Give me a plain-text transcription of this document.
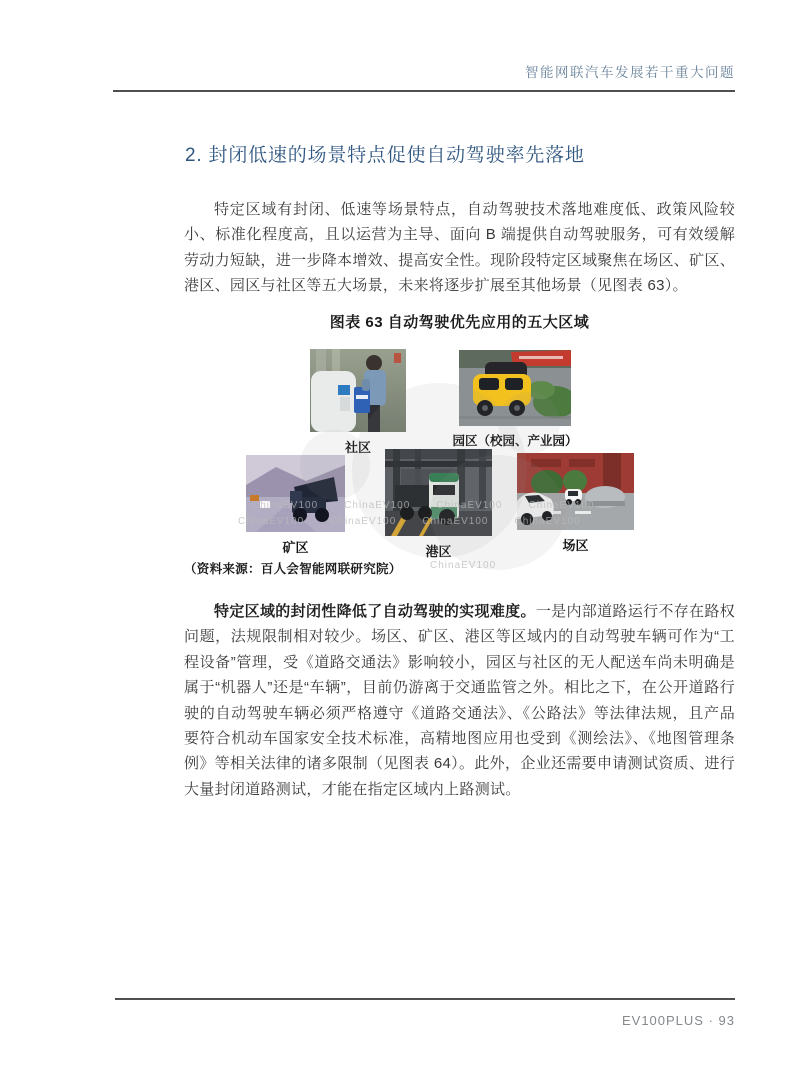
智能网联汽车发展若干重大问题
2. 封闭低速的场景特点促使自动驾驶率先落地

特定区域有封闭、低速等场景特点，自动驾驶技术落地难度低、政策风险较小、标准化程度高，且以运营为主导、面向 B 端提供自动驾驶服务，可有效缓解劳动力短缺，进一步降本增效、提高安全性。现阶段特定区域聚焦在场区、矿区、港区、园区与社区等五大场景，未来将逐步扩展至其他场景（见图表 63）。

图表 63 自动驾驶优先应用的五大区域
社区	园区（校园、产业园）
矿区	港区	场区
ChinaEV100	ChinaEV100	ChinaEV100	ChinaEV100
ChinaEV100	ChinaEV100	ChinaEV100	ChinaEV100
ChinaEV100
（资料来源：百人会智能网联研究院）

特定区域的封闭性降低了自动驾驶的实现难度。一是内部道路运行不存在路权问题，法规限制相对较少。场区、矿区、港区等区域内的自动驾驶车辆可作为“工程设备”管理，受《道路交通法》影响较小，园区与社区的无人配送车尚未明确是属于“机器人”还是“车辆”，目前仍游离于交通监管之外。相比之下，在公开道路行驶的自动驾驶车辆必须严格遵守《道路交通法》、《公路法》等法律法规，且产品要符合机动车国家安全技术标准，高精地图应用也受到《测绘法》、《地图管理条例》等相关法律的诸多限制（见图表 64）。此外，企业还需要申请测试资质、进行大量封闭道路测试，才能在指定区域内上路测试。

EV100PLUS · 93
